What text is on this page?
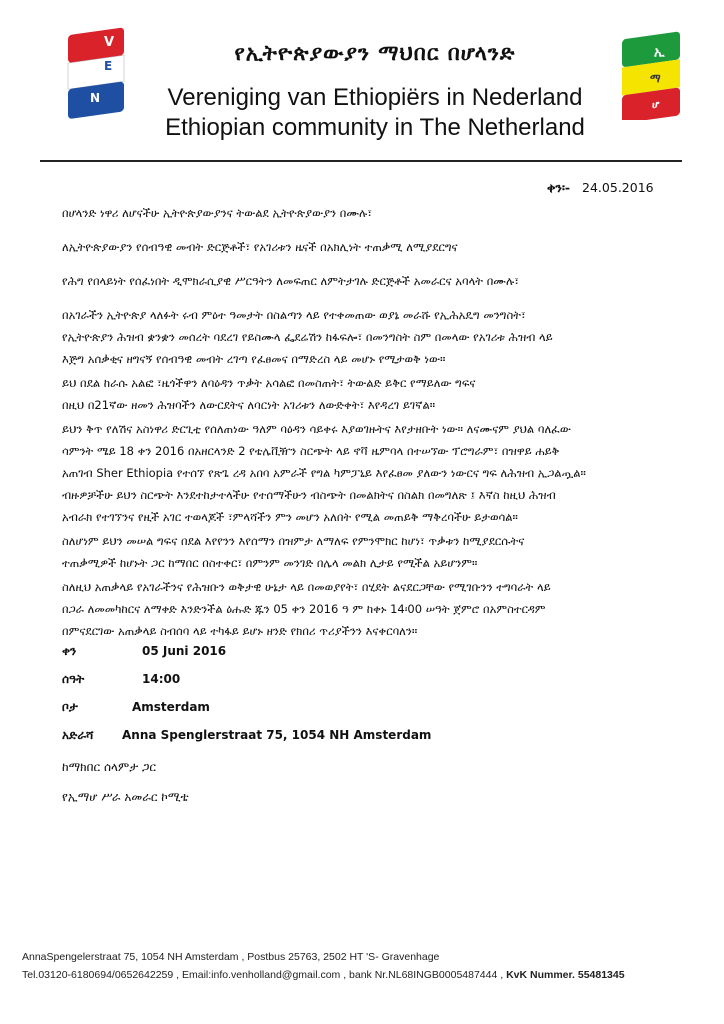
V
E
N
ኢ
ማ
ሆ
የኢትዮጵያውያን ማህበር በሆላንድ
Vereniging van Ethiopiërs in Nederland
Ethiopian community in The Netherland
ቀን፡- 24.05.2016
በሆላንድ ነዋሪ ለሆናችሁ ኢትዮጵያውያንና ትውልደ ኢትዮጵያውያን በሙሉ፣
ለኢትዮጵያውያን የሰብዓዊ መብት ድርጅቶች፣ የአገሪቱን ዜናች በአክሊነት ተጠቃሚ ለሚያደርግና
የሕግ የበላይነት የሰፈነበት ዲሞክራሲያዊ ሥርዓትን ለመፍጠር ለምትታገሉ ድርጅቶች አመራርና አባላት በሙሉ፣
በአገራችን ኢትዮጵያ ላለፉት ሩብ ምዕተ ዓመታት በስልጣን ላይ የተቀመጠው ወያኔ መራሹ የኢሕአዴግ መንግስት፣
የኢትዮጵያን ሕዝብ ቋንቋን መሰረት ባደረገ የይስሙላ ፌደሬሽን ከፋፍሎ፣ በመንግስት ስም በመላው የአገሪቱ ሕዝብ ላይ
እጅግ አሰቃቂና ዘግናኝ የሰብዓዊ መብት ረገጣ የፈፀመና በማድረስ ላይ መሆኑ የሚታወቅ ነው።
ይህ በደል ከራሱ አልፎ ፣ዜጎችዋን ለባዕዳን ጥቃት አሳልፎ በመስጠት፣ ትውልድ ይቅር የማይለው ግፍና
በዚህ በ21ኛው ዘመን ሕዝባችን ለውርደትና ለባርነት አገሪቱን ለውድቀት፣ እየዳረገ ይገኛል።
ይህን ቅጥ የለሽና አስነዋሪ ድርጊቲ የሰለጠነው ዓለም ባዕዳን ሳይቀሩ እያወገዙትና እየታዘቡት ነው። ለናሙናም ያህል ባለፈው
ሳምንት ሜይ 18 ቀን 2016 በአዘርላንድ 2 የቴሌቪዥን ስርጭት ላይ ኖቫ ዜምባላ በተሠኘው ፕሮግራም፣ በዝዋይ ሐይቅ
አጠገብ Sher Ethiopia የተሰኘ የጽጌ ረዳ አበባ አምራች የግል ካምፓኒይ እየፈፀመ ያለውን ነውርና ግፍ ለሕዝብ ኢጋልጧል።
ብዙዎቻችሁ ይህን ስርጭት እንደተከታተላችሁ የተሰማችሁን ብስጭት በመልክትና በስልክ በመግለጽ ፤ እኛስ ከዚህ ሕዝብ
አብራክ የተገኘንና የዚች አገር ተወላጆች ፣ምላሻችን ምን መሆን አለበት የሚል መጠይቅ ማቅረባችሁ ይታወሳል።
ስለሆነም ይህን መሠል ግፍና በደል እየየንን እየሰማን በዝምታ ለማለፍ የምንሞክር ከሆነ፣ ጥቃቱን ከሚያደርሱትና
ተጠቃሚዎች ከሆኑት ጋር ከማበር በስተቀር፣ በምንም መንገድ በሌላ መልክ ሊታይ የሚችል አይሆንም።
ስለዚህ አጠቃላይ የአገራችንና የሕዝቡን ወቅታዊ ሁኔታ ላይ በመወያየት፣ በሂደት ልናደርጋቸው የሚገቡንን ተግባራት ላይ
በጋራ ለመመካከርና ለማቀድ እንድንችል ዕሑድ ጁን 05 ቀን 2016 ዓ ም ከቀኑ 14፡00 ሠዓት ጀምሮ በአምስተርዳም
በምናደርገው አጠቃላይ ስብሰባ ላይ ተካፋይ ይሆኑ ዘንድ የክበሪ ጥሪያችንን እናቀርባለን።
ቀን	05 Juni 2016
ሰዓት	14:00
ቦታ	Amsterdam
አድራሻ Anna Spenglerstraat 75, 1054 NH Amsterdam
ከማክበር ሰላምታ ጋር
የኢማሆ ሥራ አመራር ኮሚቴ
AnnaSpengelerstraat 75, 1054 NH Amsterdam , Postbus 25763, 2502 HT 'S- Gravenhage
Tel.03120-6180694/0652642259 , Email:info.venholland@gmail.com , bank Nr.NL68INGB0005487444 , KvK Nummer. 55481345
